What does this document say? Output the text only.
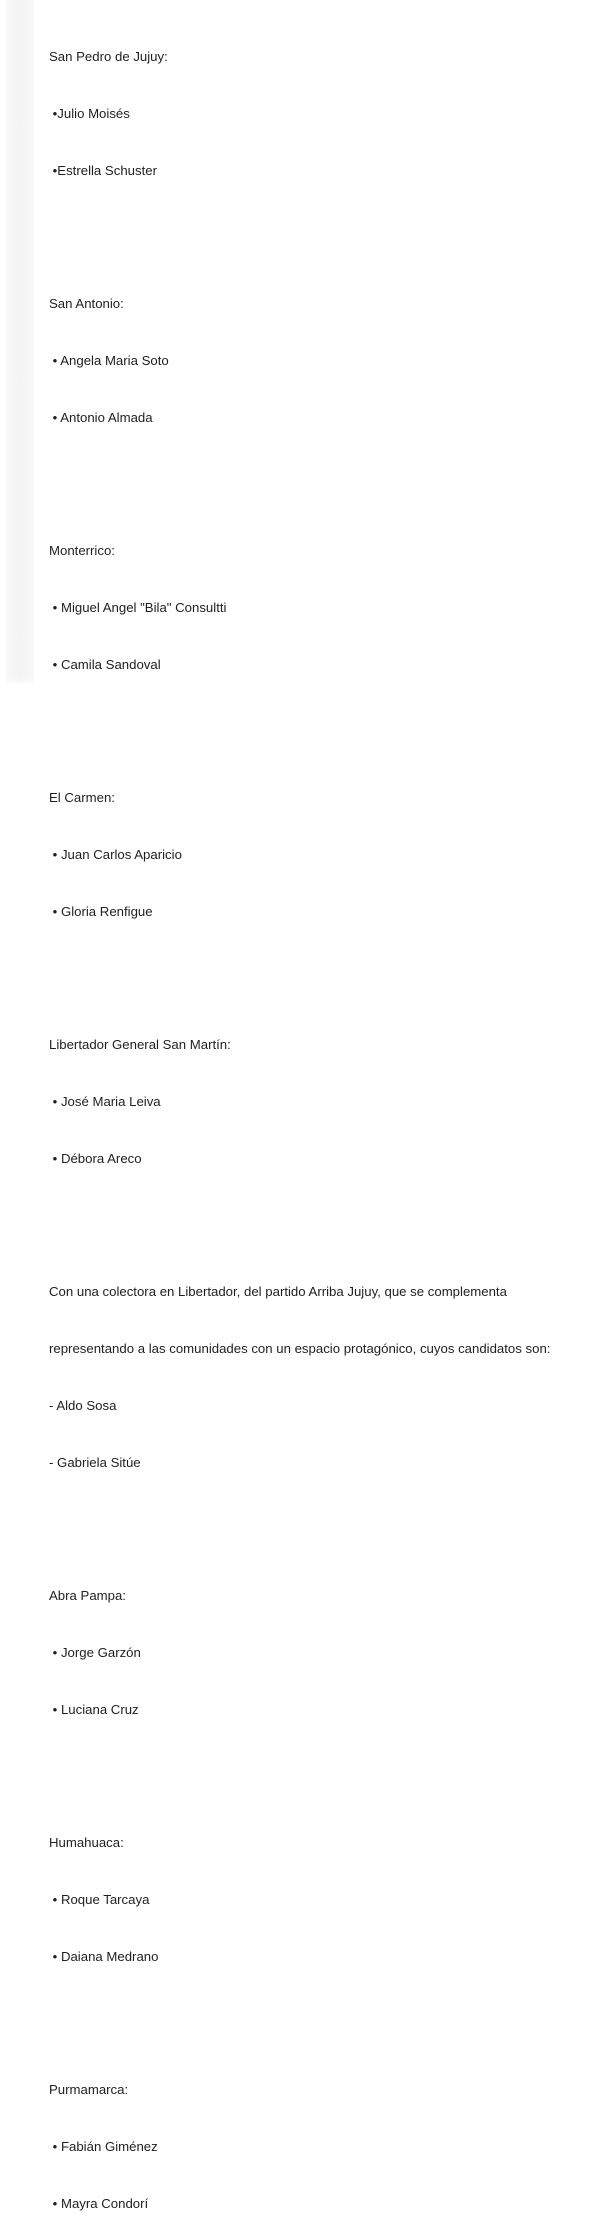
San Pedro de Jujuy:

•Julio Moisés

•Estrella Schuster

San Antonio:

• Angela Maria Soto

• Antonio Almada

Monterrico:

• Miguel Angel "Bila" Consultti

• Camila Sandoval

El Carmen:

• Juan Carlos Aparicio

• Gloria Renfigue

Libertador General San Martín:

• José Maria Leiva

• Débora Areco

Con una colectora en Libertador, del partido Arriba Jujuy, que se complementa

representando a las comunidades con un espacio protagónico, cuyos candidatos son:

- Aldo Sosa

- Gabriela Sitúe

Abra Pampa:

• Jorge Garzón

• Luciana Cruz

Humahuaca:

• Roque Tarcaya

• Daiana Medrano

Purmamarca:

• Fabián Giménez

• Mayra Condorí
